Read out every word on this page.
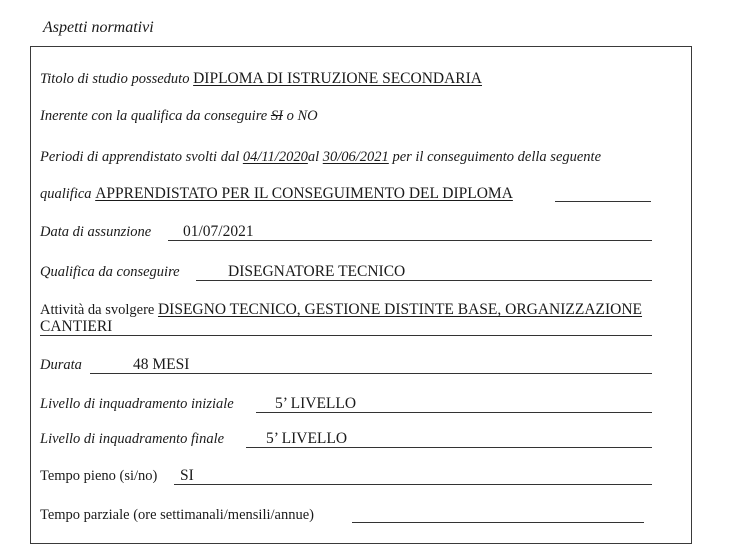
Aspetti normativi
Titolo di studio posseduto DIPLOMA DI ISTRUZIONE SECONDARIA
Inerente con la qualifica da conseguire SI o NO
Periodi di apprendistato svolti dal 04/11/2020al 30/06/2021 per il conseguimento della seguente
qualifica APPRENDISTATO PER IL CONSEGUIMENTO DEL DIPLOMA
Data di assunzione 01/07/2021
Qualifica da conseguire	DISEGNATORE TECNICO
Attività da svolgere DISEGNO TECNICO, GESTIONE DISTINTE BASE, ORGANIZZAZIONE
CANTIERI
Durata	48 MESI
Livello di inquadramento iniziale	5’ LIVELLO
Livello di inquadramento finale	5’ LIVELLO
Tempo pieno (si/no) SI
Tempo parziale (ore settimanali/mensili/annue)
